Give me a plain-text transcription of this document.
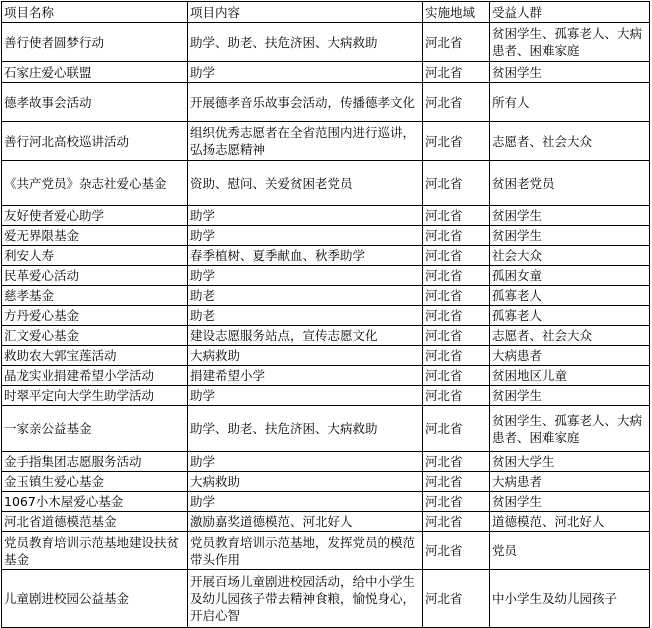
项目名称	项目内容	实施地域	受益人群
善行使者圆梦行动	助学、助老、扶危济困、大病救助	河北省	贫困学生、孤寡老人、大病患者、困难家庭
石家庄爱心联盟	助学	河北省	贫困学生
德孝故事会活动	开展德孝音乐故事会活动，传播德孝文化	河北省	所有人
善行河北高校巡讲活动	组织优秀志愿者在全省范围内进行巡讲，弘扬志愿精神	河北省	志愿者、社会大众
《共产党员》杂志社爱心基金	资助、慰问、关爱贫困老党员	河北省	贫困老党员
友好使者爱心助学	助学	河北省	贫困学生
爱无界限基金	助学	河北省	贫困学生
利安人寿	春季植树、夏季献血、秋季助学	河北省	社会大众
民革爱心活动	助学	河北省	孤困女童
慈孝基金	助老	河北省	孤寡老人
方丹爱心基金	助老	河北省	孤寡老人
汇文爱心基金	建设志愿服务站点，宣传志愿文化	河北省	志愿者、社会大众
救助农大郭宝莲活动	大病救助	河北省	大病患者
晶龙实业捐建希望小学活动	捐建希望小学	河北省	贫困地区儿童
时翠平定向大学生助学活动	助学	河北省	贫困学生
一家亲公益基金	助学、助老、扶危济困、大病救助	河北省	贫困学生、孤寡老人、大病患者、困难家庭
金手指集团志愿服务活动	助学	河北省	贫困大学生
金玉镇生爱心基金	大病救助	河北省	大病患者
1067小木屋爱心基金	助学	河北省	贫困学生
河北省道德模范基金	激励嘉奖道德模范、河北好人	河北省	道德模范、河北好人
党员教育培训示范基地建设扶贫基金	党员教育培训示范基地，发挥党员的模范带头作用	河北省	党员
儿童剧进校园公益基金	开展百场儿童剧进校园活动，给中小学生及幼儿园孩子带去精神食粮，愉悦身心，开启心智	河北省	中小学生及幼儿园孩子
